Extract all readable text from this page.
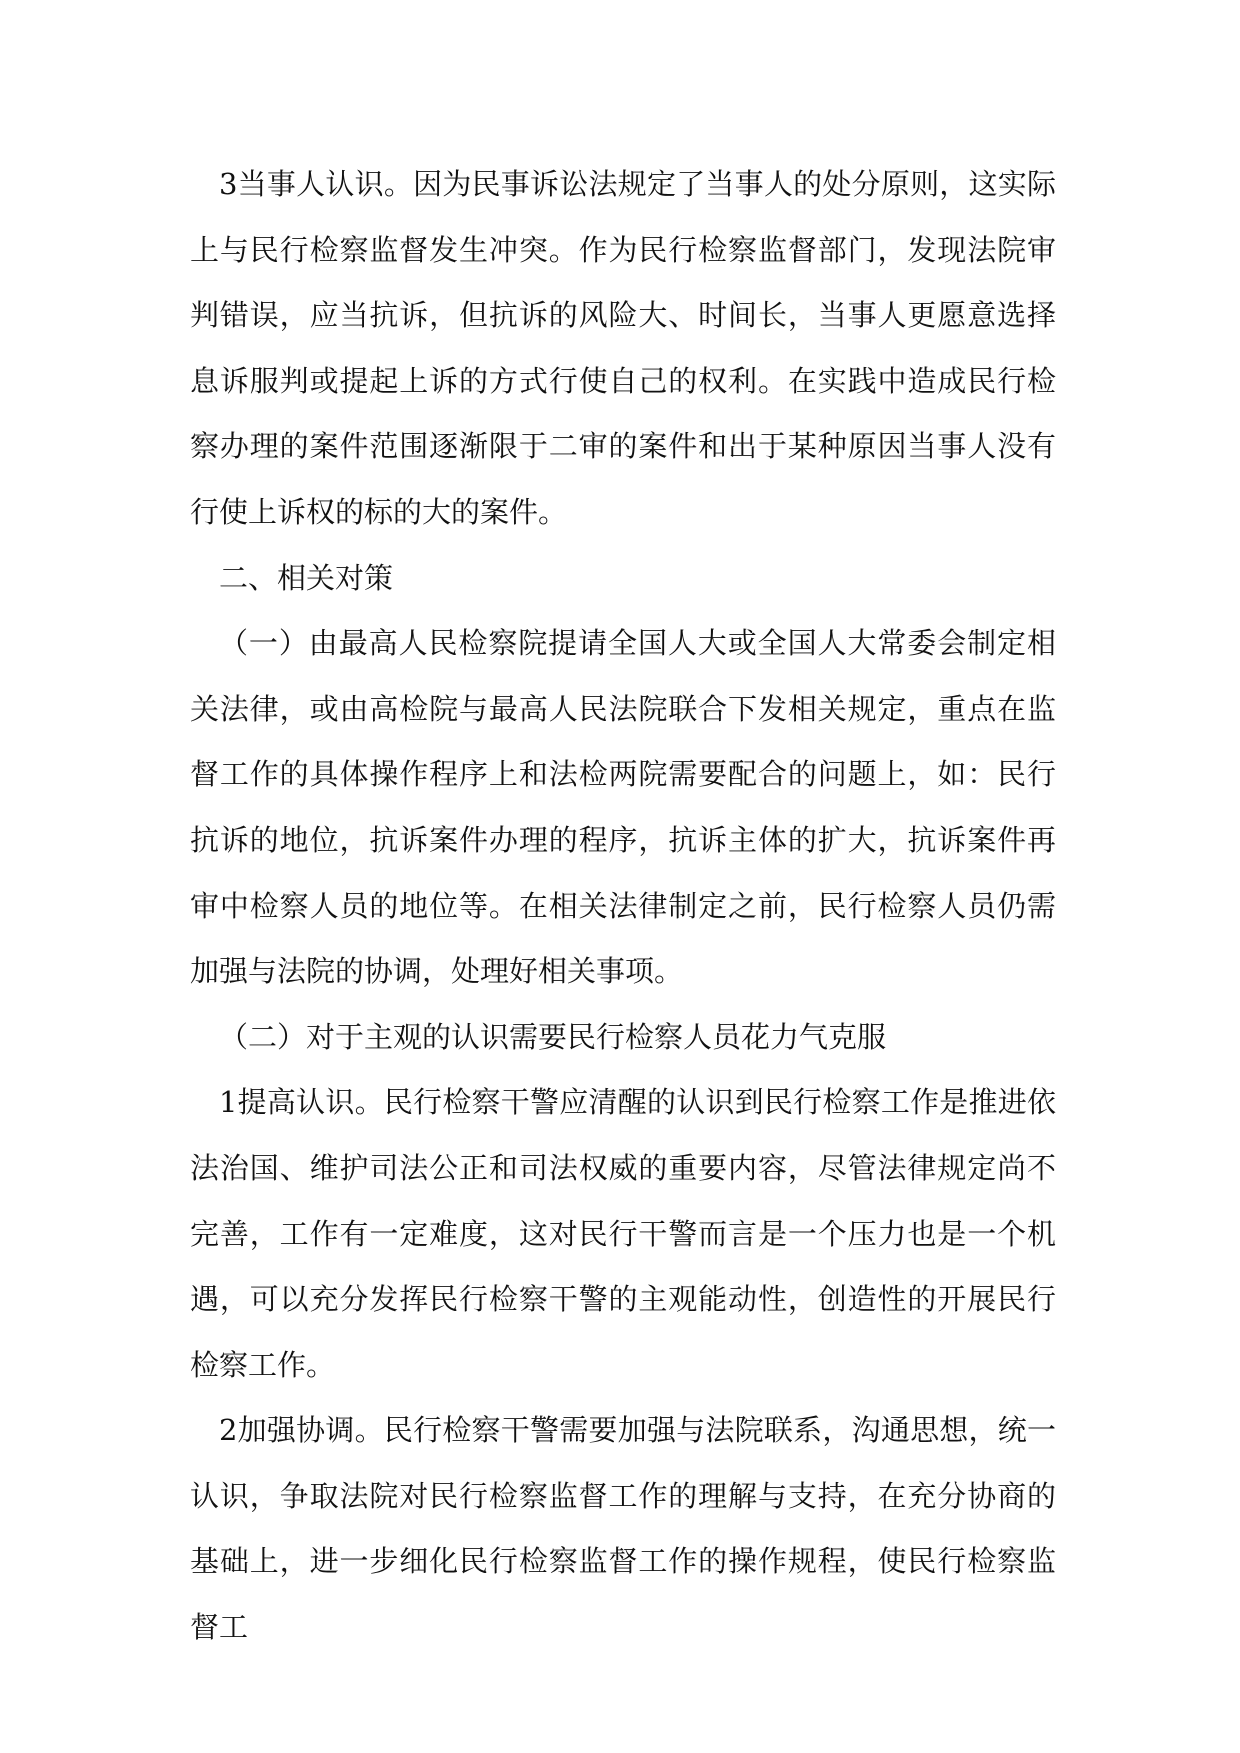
3当事人认识。因为民事诉讼法规定了当事人的处分原则，这实际上与民行检察监督发生冲突。作为民行检察监督部门，发现法院审判错误，应当抗诉，但抗诉的风险大、时间长，当事人更愿意选择息诉服判或提起上诉的方式行使自己的权利。在实践中造成民行检察办理的案件范围逐渐限于二审的案件和出于某种原因当事人没有行使上诉权的标的大的案件。

二、相关对策

（一）由最高人民检察院提请全国人大或全国人大常委会制定相关法律，或由高检院与最高人民法院联合下发相关规定，重点在监督工作的具体操作程序上和法检两院需要配合的问题上，如：民行抗诉的地位，抗诉案件办理的程序，抗诉主体的扩大，抗诉案件再审中检察人员的地位等。在相关法律制定之前，民行检察人员仍需加强与法院的协调，处理好相关事项。

（二）对于主观的认识需要民行检察人员花力气克服

1提高认识。民行检察干警应清醒的认识到民行检察工作是推进依法治国、维护司法公正和司法权威的重要内容，尽管法律规定尚不完善，工作有一定难度，这对民行干警而言是一个压力也是一个机遇，可以充分发挥民行检察干警的主观能动性，创造性的开展民行检察工作。

2加强协调。民行检察干警需要加强与法院联系，沟通思想，统一认识，争取法院对民行检察监督工作的理解与支持，在充分协商的基础上，进一步细化民行检察监督工作的操作规程，使民行检察监督工
